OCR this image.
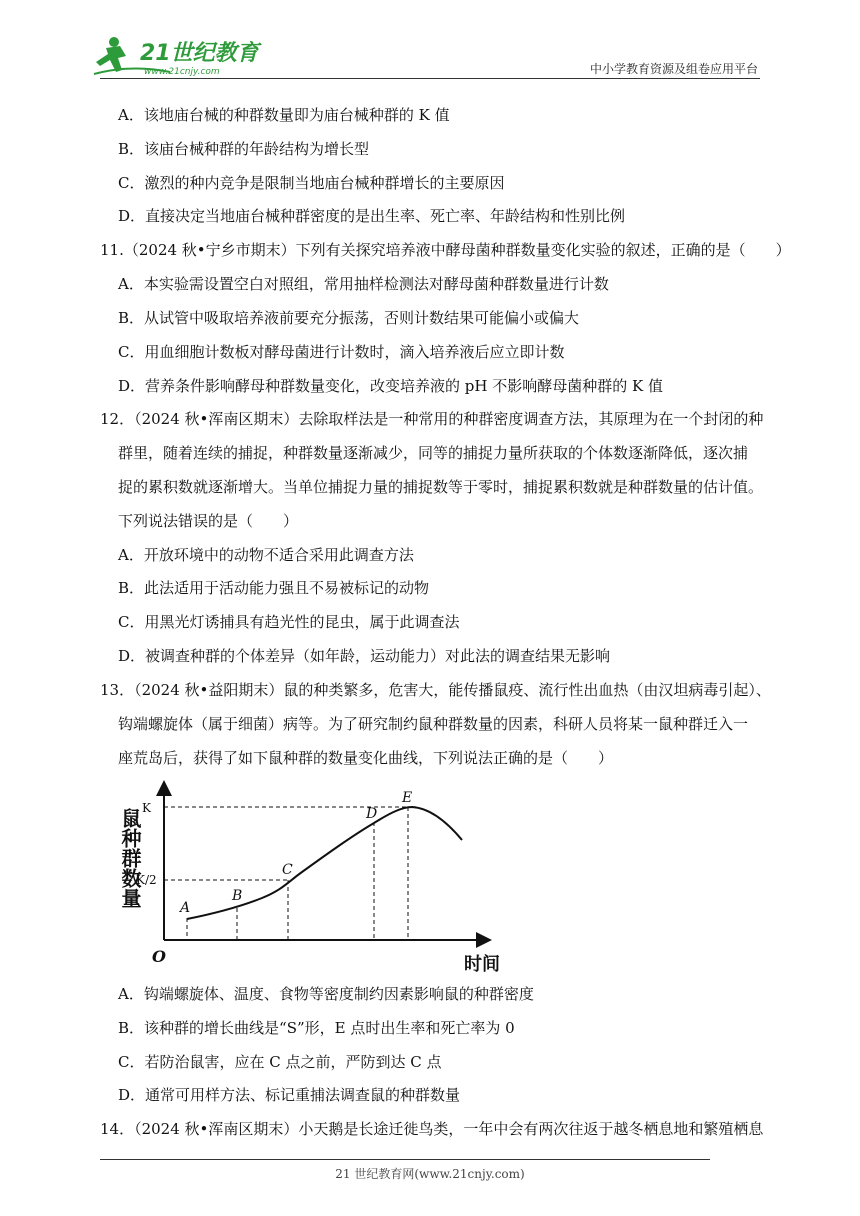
21世纪教育
www.21cnjy.com	中小学教育资源及组卷应用平台
A．该地庙台械的种群数量即为庙台械种群的 K 值
B．该庙台械种群的年龄结构为增长型
C．激烈的种内竞争是限制当地庙台械种群增长的主要原因
D．直接决定当地庙台械种群密度的是出生率、死亡率、年龄结构和性别比例
11.（2024 秋•宁乡市期末）下列有关探究培养液中酵母菌种群数量变化实验的叙述，正确的是（　　）
A．本实验需设置空白对照组，常用抽样检测法对酵母菌种群数量进行计数
B．从试管中吸取培养液前要充分振荡，否则计数结果可能偏小或偏大
C．用血细胞计数板对酵母菌进行计数时，滴入培养液后应立即计数
D．营养条件影响酵母种群数量变化，改变培养液的 pH 不影响酵母菌种群的 K 值
12．（2024 秋•浑南区期末）去除取样法是一种常用的种群密度调查方法，其原理为在一个封闭的种
群里，随着连续的捕捉，种群数量逐渐减少，同等的捕捉力量所获取的个体数逐渐降低，逐次捕
捉的累积数就逐渐增大。当单位捕捉力量的捕捉数等于零时，捕捉累积数就是种群数量的估计值。
下列说法错误的是（　　）
A．开放环境中的动物不适合采用此调查方法
B．此法适用于活动能力强且不易被标记的动物
C．用黑光灯诱捕具有趋光性的昆虫，属于此调查法
D．被调查种群的个体差异（如年龄，运动能力）对此法的调查结果无影响
13．（2024 秋•益阳期末）鼠的种类繁多，危害大，能传播鼠疫、流行性出血热（由汉坦病毒引起）、
钩端螺旋体（属于细菌）病等。为了研究制约鼠种群数量的因素，科研人员将某一鼠种群迁入一
座荒岛后，获得了如下鼠种群的数量变化曲线，下列说法正确的是（　　）
鼠种群数量 K
K/2
O	时间
A
B
C
D
E
A．钩端螺旋体、温度、食物等密度制约因素影响鼠的种群密度
B．该种群的增长曲线是“S”形，E 点时出生率和死亡率为 0
C．若防治鼠害，应在 C 点之前，严防到达 C 点
D．通常可用样方法、标记重捕法调查鼠的种群数量
14．（2024 秋•浑南区期末）小天鹅是长途迁徙鸟类，一年中会有两次往返于越冬栖息地和繁殖栖息
21 世纪教育网(www.21cnjy.com)
